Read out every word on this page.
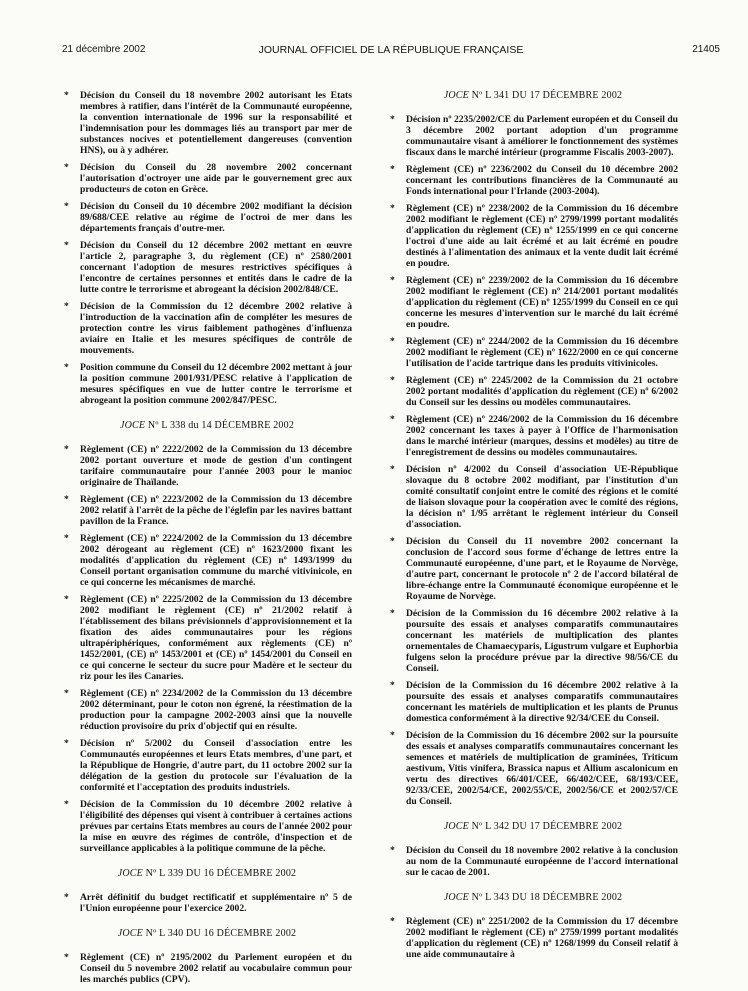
21 décembre 2002	JOURNAL OFFICIEL DE LA RÉPUBLIQUE FRANÇAISE	21405
* Décision du Conseil du 18 novembre 2002 autorisant les Etats membres à ratifier, dans l'intérêt de la Communauté européenne, la convention internationale de 1996 sur la responsabilité et l'indemnisation pour les dommages liés au transport par mer de substances nocives et potentiellement dangereuses (convention HNS), ou à y adhérer.
* Décision du Conseil du 28 novembre 2002 concernant l'autorisation d'octroyer une aide par le gouvernement grec aux producteurs de coton en Grèce.
* Décision du Conseil du 10 décembre 2002 modifiant la décision 89/688/CEE relative au régime de l'octroi de mer dans les départements français d'outre-mer.
* Décision du Conseil du 12 décembre 2002 mettant en œuvre l'article 2, paragraphe 3, du règlement (CE) nº 2580/2001 concernant l'adoption de mesures restrictives spécifiques à l'encontre de certaines personnes et entités dans le cadre de la lutte contre le terrorisme et abrogeant la décision 2002/848/CE.
* Décision de la Commission du 12 décembre 2002 relative à l'introduction de la vaccination afin de compléter les mesures de protection contre les virus faiblement pathogènes d'influenza aviaire en Italie et les mesures spécifiques de contrôle de mouvements.
* Position commune du Conseil du 12 décembre 2002 mettant à jour la position commune 2001/931/PESC relative à l'application de mesures spécifiques en vue de lutter contre le terrorisme et abrogeant la position commune 2002/847/PESC.
JOCE Nº L 338 du 14 DÉCEMBRE 2002
* Règlement (CE) nº 2222/2002 de la Commission du 13 décembre 2002 portant ouverture et mode de gestion d'un contingent tarifaire communautaire pour l'année 2003 pour le manioc originaire de Thaïlande.
* Règlement (CE) nº 2223/2002 de la Commission du 13 décembre 2002 relatif à l'arrêt de la pêche de l'églefin par les navires battant pavillon de la France.
* Règlement (CE) nº 2224/2002 de la Commission du 13 décembre 2002 dérogeant au règlement (CE) nº 1623/2000 fixant les modalités d'application du règlement (CE) nº 1493/1999 du Conseil portant organisation commune du marché vitivinicole, en ce qui concerne les mécanismes de marché.
* Règlement (CE) nº 2225/2002 de la Commission du 13 décembre 2002 modifiant le règlement (CE) nº 21/2002 relatif à l'établissement des bilans prévisionnels d'approvisionnement et la fixation des aides communautaires pour les régions ultrapériphériques, conformément aux règlements (CE) nº 1452/2001, (CE) nº 1453/2001 et (CE) nº 1454/2001 du Conseil en ce qui concerne le secteur du sucre pour Madère et le secteur du riz pour les îles Canaries.
* Règlement (CE) nº 2234/2002 de la Commission du 13 décembre 2002 déterminant, pour le coton non égrené, la réestimation de la production pour la campagne 2002-2003 ainsi que la nouvelle réduction provisoire du prix d'objectif qui en résulte.
* Décision nº 5/2002 du Conseil d'association entre les Communautés européennes et leurs Etats membres, d'une part, et la République de Hongrie, d'autre part, du 11 octobre 2002 sur la délégation de la gestion du protocole sur l'évaluation de la conformité et l'acceptation des produits industriels.
* Décision de la Commission du 10 décembre 2002 relative à l'éligibilité des dépenses qui visent à contribuer à certaines actions prévues par certains Etats membres au cours de l'année 2002 pour la mise en œuvre des régimes de contrôle, d'inspection et de surveillance applicables à la politique commune de la pêche.
JOCE Nº L 339 DU 16 DÉCEMBRE 2002
* Arrêt définitif du budget rectificatif et supplémentaire nº 5 de l'Union européenne pour l'exercice 2002.
JOCE Nº L 340 DU 16 DÉCEMBRE 2002
* Règlement (CE) nº 2195/2002 du Parlement européen et du Conseil du 5 novembre 2002 relatif au vocabulaire commun pour les marchés publics (CPV).
JOCE Nº L 341 DU 17 DÉCEMBRE 2002
* Décision nº 2235/2002/CE du Parlement européen et du Conseil du 3 décembre 2002 portant adoption d'un programme communautaire visant à améliorer le fonctionnement des systèmes fiscaux dans le marché intérieur (programme Fiscalis 2003-2007).
* Règlement (CE) nº 2236/2002 du Conseil du 10 décembre 2002 concernant les contributions financières de la Communauté au Fonds international pour l'Irlande (2003-2004).
* Règlement (CE) nº 2238/2002 de la Commission du 16 décembre 2002 modifiant le règlement (CE) nº 2799/1999 portant modalités d'application du règlement (CE) nº 1255/1999 en ce qui concerne l'octroi d'une aide au lait écrémé et au lait écrémé en poudre destinés à l'alimentation des animaux et la vente dudit lait écrémé en poudre.
* Règlement (CE) nº 2239/2002 de la Commission du 16 décembre 2002 modifiant le règlement (CE) nº 214/2001 portant modalités d'application du règlement (CE) nº 1255/1999 du Conseil en ce qui concerne les mesures d'intervention sur le marché du lait écrémé en poudre.
* Règlement (CE) nº 2244/2002 de la Commission du 16 décembre 2002 modifiant le règlement (CE) nº 1622/2000 en ce qui concerne l'utilisation de l'acide tartrique dans les produits vitivinicoles.
* Règlement (CE) nº 2245/2002 de la Commission du 21 octobre 2002 portant modalités d'application du règlement (CE) nº 6/2002 du Conseil sur les dessins ou modèles communautaires.
* Règlement (CE) nº 2246/2002 de la Commission du 16 décembre 2002 concernant les taxes à payer à l'Office de l'harmonisation dans le marché intérieur (marques, dessins et modèles) au titre de l'enregistrement de dessins ou modèles communautaires.
* Décision nº 4/2002 du Conseil d'association UE-République slovaque du 8 octobre 2002 modifiant, par l'institution d'un comité consultatif conjoint entre le comité des régions et le comité de liaison slovaque pour la coopération avec le comité des régions, la décision nº 1/95 arrêtant le règlement intérieur du Conseil d'association.
* Décision du Conseil du 11 novembre 2002 concernant la conclusion de l'accord sous forme d'échange de lettres entre la Communauté européenne, d'une part, et le Royaume de Norvège, d'autre part, concernant le protocole nº 2 de l'accord bilatéral de libre-échange entre la Communauté économique européenne et le Royaume de Norvège.
* Décision de la Commission du 16 décembre 2002 relative à la poursuite des essais et analyses comparatifs communautaires concernant les matériels de multiplication des plantes ornementales de Chamaecyparis, Ligustrum vulgare et Euphorbia fulgens selon la procédure prévue par la directive 98/56/CE du Conseil.
* Décision de la Commission du 16 décembre 2002 relative à la poursuite des essais et analyses comparatifs communautaires concernant les matériels de multiplication et les plants de Prunus domestica conformément à la directive 92/34/CEE du Conseil.
* Décision de la Commission du 16 décembre 2002 sur la poursuite des essais et analyses comparatifs communautaires concernant les semences et matériels de multiplication de graminées, Triticum aestivum, Vitis vinifera, Brassica napus et Allium ascalonicum en vertu des directives 66/401/CEE, 66/402/CEE, 68/193/CEE, 92/33/CEE, 2002/54/CE, 2002/55/CE, 2002/56/CE et 2002/57/CE du Conseil.
JOCE Nº L 342 DU 17 DÉCEMBRE 2002
* Décision du Conseil du 18 novembre 2002 relative à la conclusion au nom de la Communauté européenne de l'accord international sur le cacao de 2001.
JOCE Nº L 343 DU 18 DÉCEMBRE 2002
* Règlement (CE) nº 2251/2002 de la Commission du 17 décembre 2002 modifiant le règlement (CE) nº 2759/1999 portant modalités d'application du règlement (CE) nº 1268/1999 du Conseil relatif à une aide communautaire à
